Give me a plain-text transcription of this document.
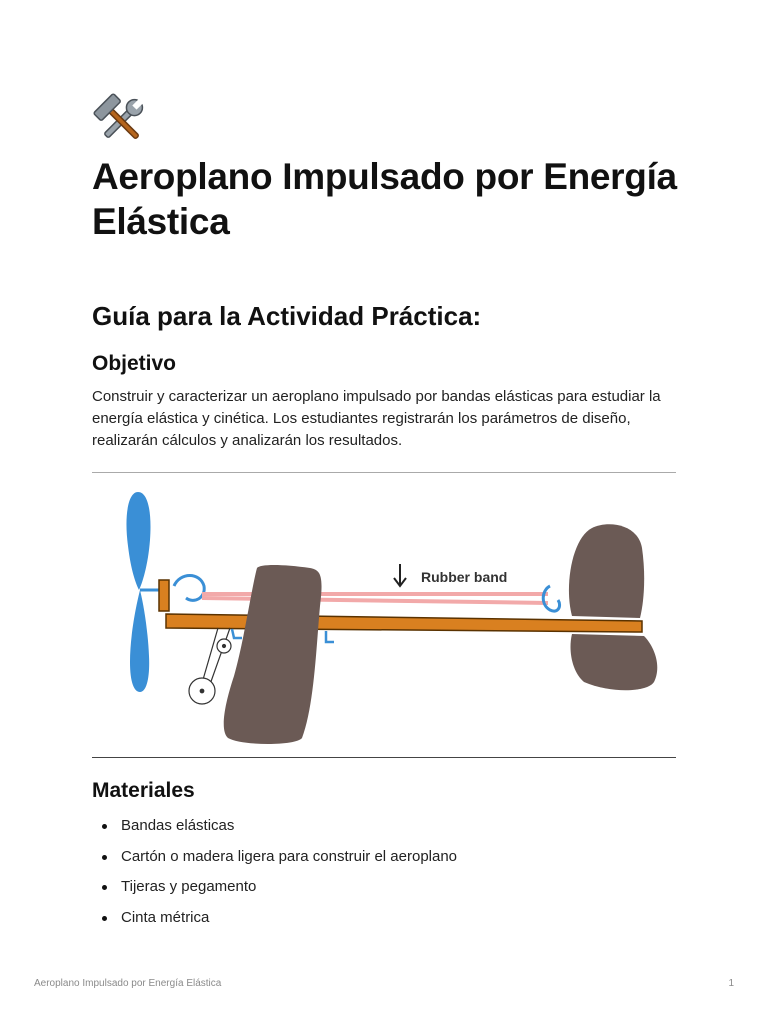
Aeroplano Impulsado por Energía Elástica
Guía para la Actividad Práctica:
Objetivo

Construir y caracterizar un aeroplano impulsado por bandas elásticas para estudiar la energía elástica y cinética. Los estudiantes registrarán los parámetros de diseño, realizarán cálculos y analizarán los resultados.

Rubber band
Materiales
Bandas elásticas
Cartón o madera ligera para construir el aeroplano
Tijeras y pegamento
Cinta métrica
Aeroplano Impulsado por Energía Elástica	1
